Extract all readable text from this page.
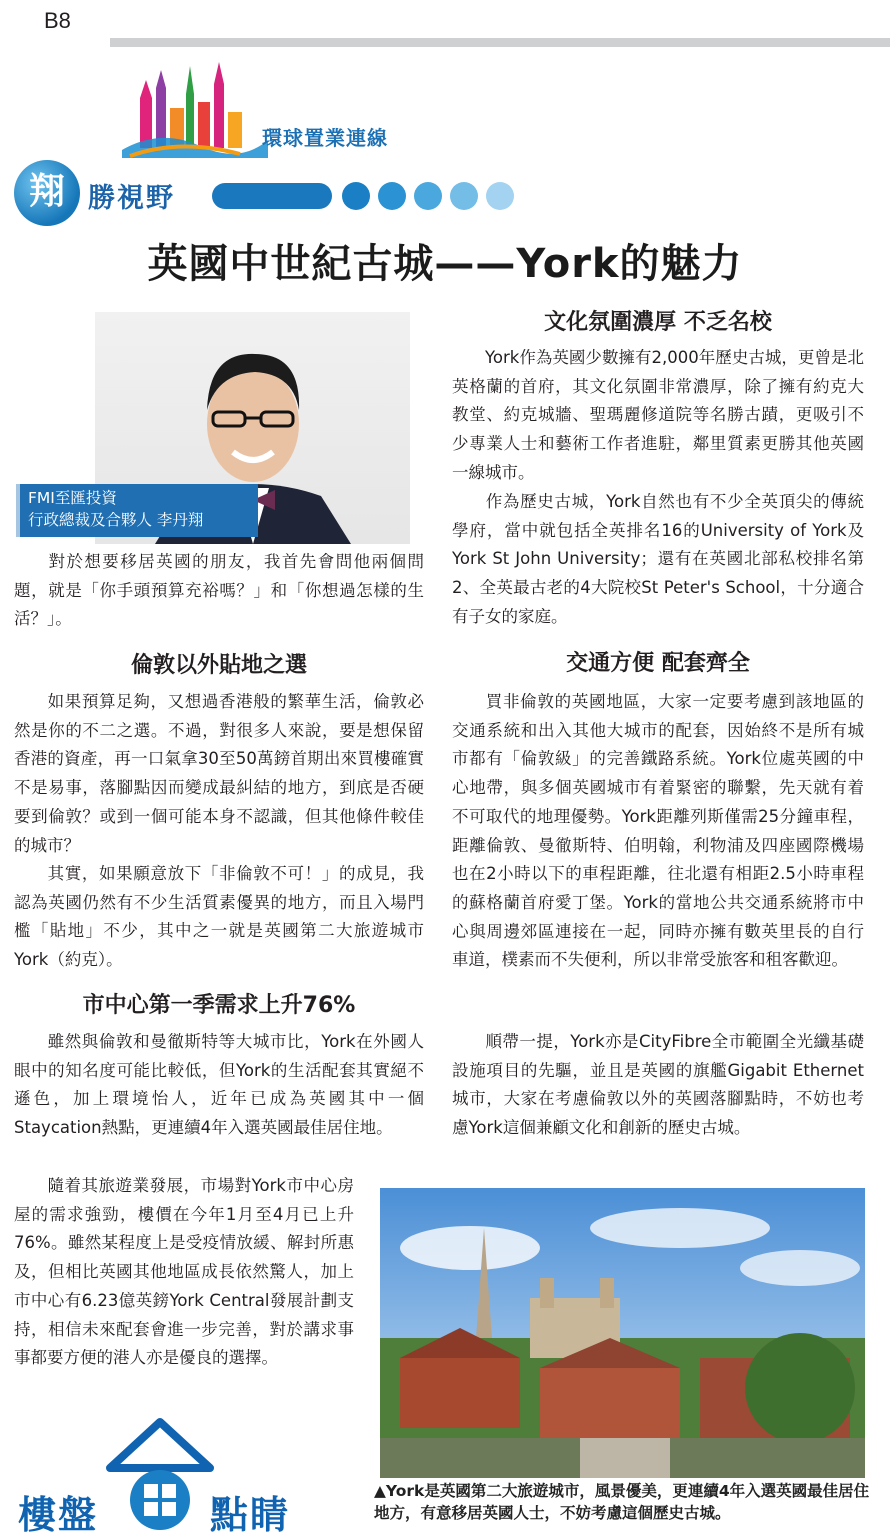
B8
環球置業連線
翔 勝視野
英國中世紀古城——York的魅力
FMI至匯投資
行政總裁及合夥人 李丹翔

對於想要移居英國的朋友，我首先會問他兩個問題，就是「你手頭預算充裕嗎？」和「你想過怎樣的生活？」。

倫敦以外貼地之選

如果預算足夠，又想過香港般的繁華生活，倫敦必然是你的不二之選。不過，對很多人來說，要是想保留香港的資產，再一口氣拿30至50萬鎊首期出來買樓確實不是易事，落腳點因而變成最糾結的地方，到底是否硬要到倫敦？或到一個可能本身不認識，但其他條件較佳的城市？

其實，如果願意放下「非倫敦不可！」的成見，我認為英國仍然有不少生活質素優異的地方，而且入場門檻「貼地」不少，其中之一就是英國第二大旅遊城市York（約克）。

市中心第一季需求上升76%

雖然與倫敦和曼徹斯特等大城市比，York在外國人眼中的知名度可能比較低，但York的生活配套其實絕不遜色，加上環境怡人，近年已成為英國其中一個Staycation熱點，更連續4年入選英國最佳居住地。

隨着其旅遊業發展，市場對York市中心房屋的需求強勁，樓價在今年1月至4月已上升76%。雖然某程度上是受疫情放緩、解封所惠及，但相比英國其他地區成長依然驚人，加上市中心有6.23億英鎊York Central發展計劃支持，相信未來配套會進一步完善，對於講求事事都要方便的港人亦是優良的選擇。

文化氛圍濃厚 不乏名校

York作為英國少數擁有2,000年歷史古城，更曾是北英格蘭的首府，其文化氛圍非常濃厚，除了擁有約克大教堂、約克城牆、聖瑪麗修道院等名勝古蹟，更吸引不少專業人士和藝術工作者進駐，鄰里質素更勝其他英國一線城市。

作為歷史古城，York自然也有不少全英頂尖的傳統學府，當中就包括全英排名16的University of York及York St John University；還有在英國北部私校排名第2、全英最古老的4大院校St Peter's School，十分適合有子女的家庭。

交通方便 配套齊全

買非倫敦的英國地區，大家一定要考慮到該地區的交通系統和出入其他大城市的配套，因始終不是所有城市都有「倫敦級」的完善鐵路系統。York位處英國的中心地帶，與多個英國城市有着緊密的聯繫，先天就有着不可取代的地理優勢。York距離列斯僅需25分鐘車程，距離倫敦、曼徹斯特、伯明翰，利物浦及四座國際機場也在2小時以下的車程距離，往北還有相距2.5小時車程的蘇格蘭首府愛丁堡。York的當地公共交通系統將市中心與周邊郊區連接在一起，同時亦擁有數英里長的自行車道，樸素而不失便利，所以非常受旅客和租客歡迎。

順帶一提，York亦是CityFibre全市範圍全光纖基礎設施項目的先驅，並且是英國的旗艦Gigabit Ethernet城市，大家在考慮倫敦以外的英國落腳點時，不妨也考慮York這個兼顧文化和創新的歷史古城。

▲York是英國第二大旅遊城市，風景優美，更連續4年入選英國最佳居住地方，有意移居英國人士，不妨考慮這個歷史古城。
樓盤	點睛
